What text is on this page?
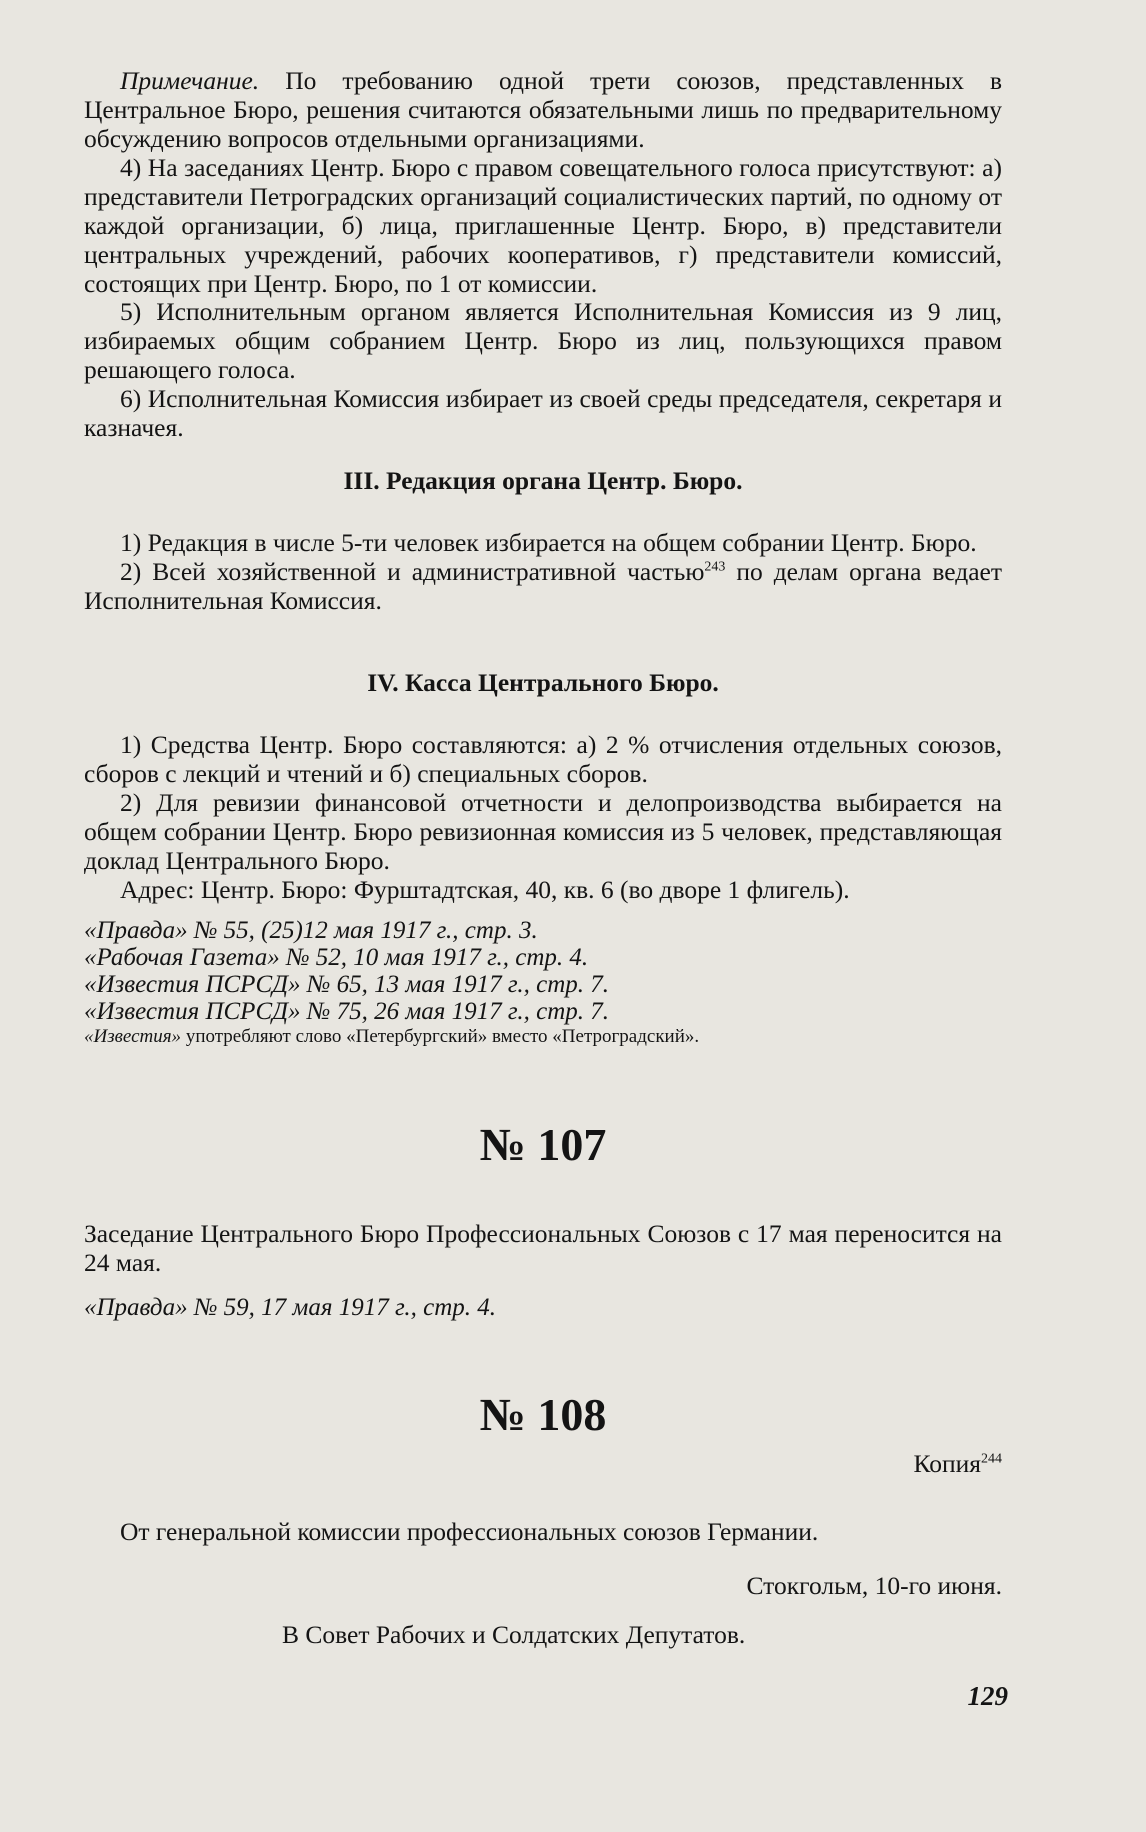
Примечание. По требованию одной трети союзов, представленных в Центральное Бюро, решения считаются обязательными лишь по предварительному обсуждению вопросов отдельными организациями.

4) На заседаниях Центр. Бюро с правом совещательного голоса присутствуют: а) представители Петроградских организаций социалистических партий, по одному от каждой организации, б) лица, приглашенные Центр. Бюро, в) представители центральных учреждений, рабочих кооперативов, г) представители комиссий, состоящих при Центр. Бюро, по 1 от комиссии.

5) Исполнительным органом является Исполнительная Комиссия из 9 лиц, избираемых общим собранием Центр. Бюро из лиц, пользующихся правом решающего голоса.

6) Исполнительная Комиссия избирает из своей среды председателя, секретаря и казначея.

III. Редакция органа Центр. Бюро.

1) Редакция в числе 5-ти человек избирается на общем собрании Центр. Бюро.

2) Всей хозяйственной и административной частью$^{243}$ по делам органа ведает Исполнительная Комиссия.

IV. Касса Центрального Бюро.

1) Средства Центр. Бюро составляются: а) 2 % отчисления отдельных союзов, сборов с лекций и чтений и б) специальных сборов.

2) Для ревизии финансовой отчетности и делопроизводства выбирается на общем собрании Центр. Бюро ревизионная комиссия из 5 человек, представляющая доклад Центрального Бюро.

Адрес: Центр. Бюро: Фурштадтская, 40, кв. 6 (во дворе 1 флигель).

«Правда» № 55, (25)12 мая 1917 г., стр. 3.

«Рабочая Газета» № 52, 10 мая 1917 г., стр. 4.

«Известия ПСРСД» № 65, 13 мая 1917 г., стр. 7.

«Известия ПСРСД» № 75, 26 мая 1917 г., стр. 7.

«Известия» употребляют слово «Петербургский» вместо «Петроградский».

№ 107

Заседание Центрального Бюро Профессиональных Союзов с 17 мая переносится на 24 мая.

«Правда» № 59, 17 мая 1917 г., стр. 4.

№ 108

Копия$^{244}$

От генеральной комиссии профессиональных союзов Германии.

Стокгольм, 10-го июня.

В Совет Рабочих и Солдатских Депутатов.

129
